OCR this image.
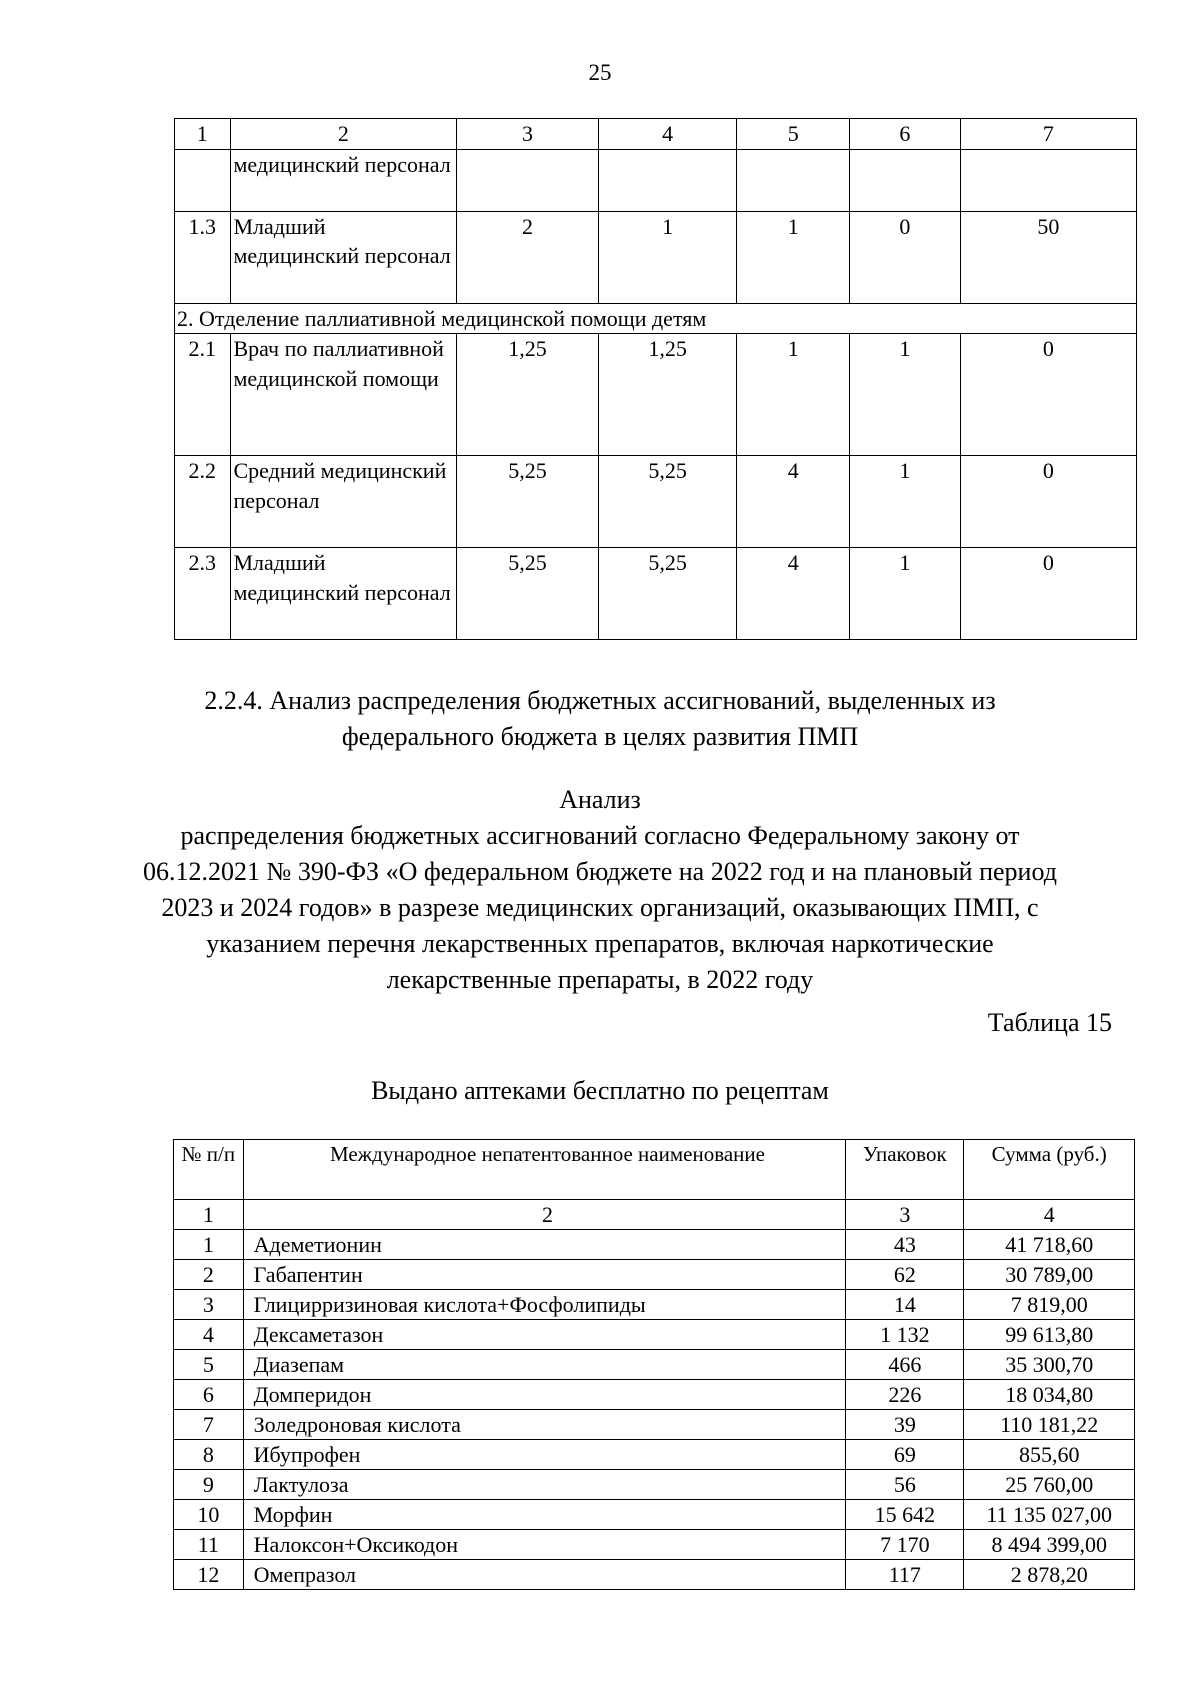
25
1	2	3	4	5	6	7
	медицинский персонал					
1.3	Младший медицинский персонал	2	1	1	0	50
2. Отделение паллиативной медицинской помощи детям						
2.1	Врач по паллиативной медицинской помощи	1,25	1,25	1	1	0
2.2	Средний медицинский персонал	5,25	5,25	4	1	0
2.3	Младший медицинский персонал	5,25	5,25	4	1	0
2.2.4. Анализ распределения бюджетных ассигнований, выделенных из федерального бюджета в целях развития ПМП
Анализ
распределения бюджетных ассигнований согласно Федеральному закону от 06.12.2021 № 390-ФЗ «О федеральном бюджете на 2022 год и на плановый период 2023 и 2024 годов» в разрезе медицинских организаций, оказывающих ПМП, с указанием перечня лекарственных препаратов, включая наркотические лекарственные препараты, в 2022 году
Таблица 15
Выдано аптеками бесплатно по рецептам
№ п/п	Международное непатентованное наименование	Упаковок	Сумма (руб.)
1	2	3	4
1	Адеметионин	43	41 718,60
2	Габапентин	62	30 789,00
3	Глицирризиновая кислота+Фосфолипиды	14	7 819,00
4	Дексаметазон	1 132	99 613,80
5	Диазепам	466	35 300,70
6	Домперидон	226	18 034,80
7	Золедроновая кислота	39	110 181,22
8	Ибупрофен	69	855,60
9	Лактулоза	56	25 760,00
10	Морфин	15 642	11 135 027,00
11	Налоксон+Оксикодон	7 170	8 494 399,00
12	Омепразол	117	2 878,20
